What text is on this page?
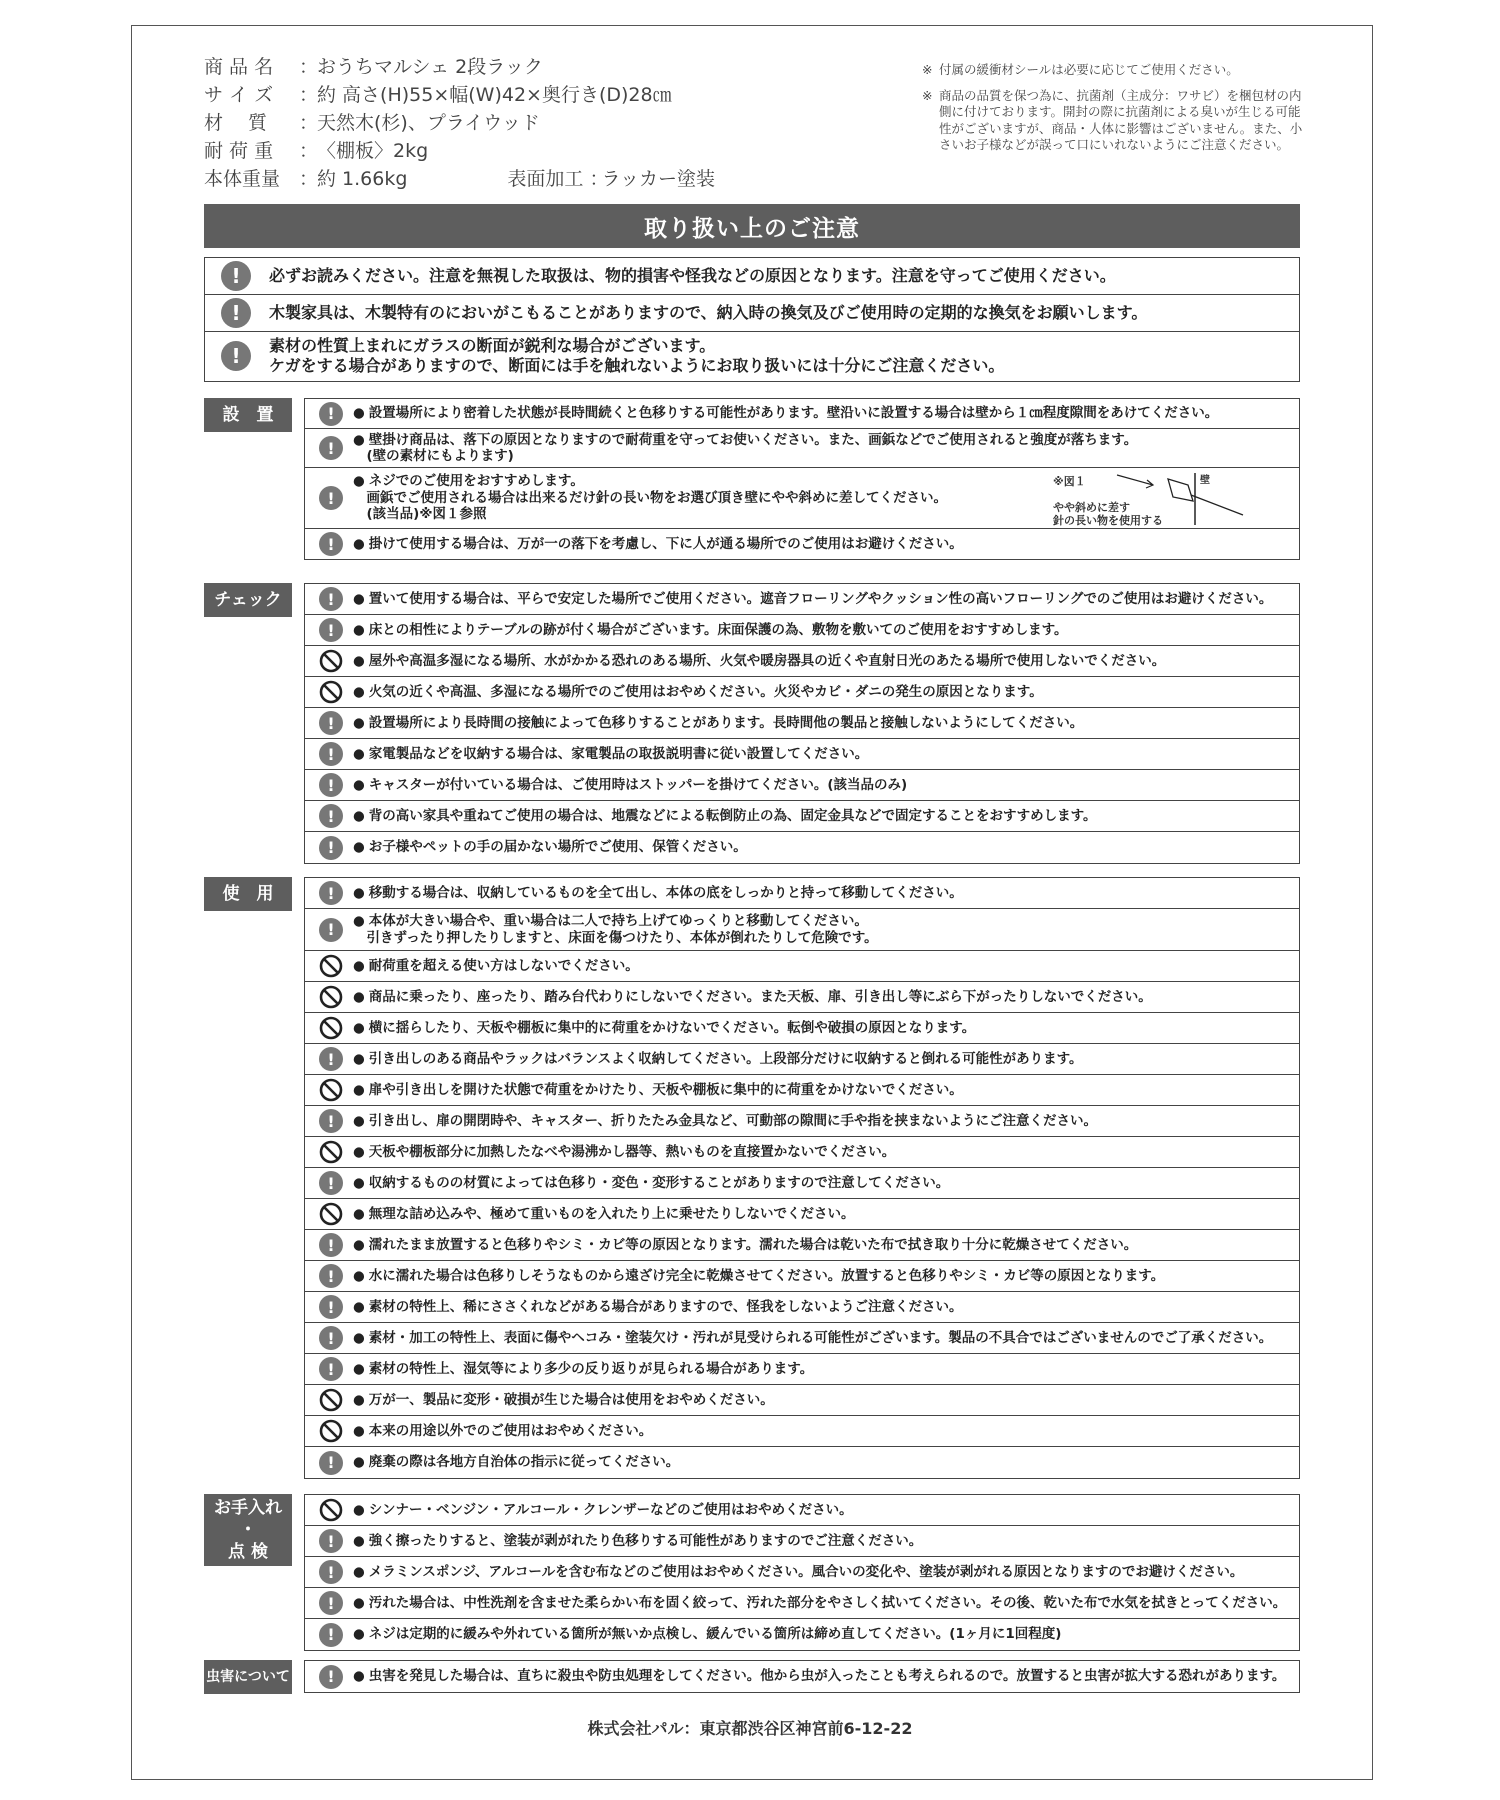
商 品 名	：
おうちマルシェ 2段ラック
サ イ ズ	：
約 高さ(H)55×幅(W)42×奥行き(D)28㎝
材　 質	：
天然木(杉)、プライウッド
耐 荷 重	：
〈棚板〉2kg
本体重量 ：
約 1.66kg	表面加工 ：
ラッカー塗装
※ 付属の緩衝材シールは必要に応じてご使用ください。
※ 商品の品質を保つ為に、抗菌剤（主成分：ワサビ）を梱包材の内側に付けております。開封の際に抗菌剤による臭いが生じる可能性がございますが、商品・人体に影響はございません。また、小さいお子様などが誤って口にいれないようにご注意ください。
取り扱い上のご注意
!	必ずお読みください。注意を無視した取扱は、物的損害や怪我などの原因となります。注意を守ってご使用ください。
!	木製家具は、木製特有のにおいがこもることがありますので、納入時の換気及びご使用時の定期的な換気をお願いします。
!	素材の性質上まれにガラスの断面が鋭利な場合がございます。
ケガをする場合がありますので、断面には手を触れないようにお取り扱いには十分にご注意ください。
設　置	!	● 設置場所により密着した状態が長時間続くと色移りする可能性があります。壁沿いに設置する場合は壁から１㎝程度隙間をあけてください。
!	● 壁掛け商品は、落下の原因となりますので耐荷重を守ってお使いください。また、画鋲などでご使用されると強度が落ちます。
　(壁の素材にもよります)
!
● ネジでのご使用をおすすめします。
　画鋲でご使用される場合は出来るだけ針の長い物をお選び頂き壁にやや斜めに差してください。
　(該当品)※図１参照
※図１	壁
やや斜めに差す
針の長い物を使用する
!	● 掛けて使用する場合は、万が一の落下を考慮し、下に人が通る場所でのご使用はお避けください。
チェック	!	● 置いて使用する場合は、平らで安定した場所でご使用ください。遮音フローリングやクッション性の高いフローリングでのご使用はお避けください。
!	● 床との相性によりテーブルの跡が付く場合がございます。床面保護の為、敷物を敷いてのご使用をおすすめします。
● 屋外や高温多湿になる場所、水がかかる恐れのある場所、火気や暖房器具の近くや直射日光のあたる場所で使用しないでください。
● 火気の近くや高温、多湿になる場所でのご使用はおやめください。火災やカビ・ダニの発生の原因となります。
!	● 設置場所により長時間の接触によって色移りすることがあります。長時間他の製品と接触しないようにしてください。
!	● 家電製品などを収納する場合は、家電製品の取扱説明書に従い設置してください。
!	● キャスターが付いている場合は、ご使用時はストッパーを掛けてください。(該当品のみ)
!	● 背の高い家具や重ねてご使用の場合は、地震などによる転倒防止の為、固定金具などで固定することをおすすめします。
!	● お子様やペットの手の届かない場所でご使用、保管ください。
使　用	!	● 移動する場合は、収納しているものを全て出し、本体の底をしっかりと持って移動してください。
!	● 本体が大きい場合や、重い場合は二人で持ち上げてゆっくりと移動してください。
　引きずったり押したりしますと、床面を傷つけたり、本体が倒れたりして危険です。
● 耐荷重を超える使い方はしないでください。
● 商品に乗ったり、座ったり、踏み台代わりにしないでください。また天板、扉、引き出し等にぶら下がったりしないでください。
● 横に揺らしたり、天板や棚板に集中的に荷重をかけないでください。転倒や破損の原因となります。
!	● 引き出しのある商品やラックはバランスよく収納してください。上段部分だけに収納すると倒れる可能性があります。
● 扉や引き出しを開けた状態で荷重をかけたり、天板や棚板に集中的に荷重をかけないでください。
!	● 引き出し、扉の開閉時や、キャスター、折りたたみ金具など、可動部の隙間に手や指を挟まないようにご注意ください。
● 天板や棚板部分に加熱したなべや湯沸かし器等、熱いものを直接置かないでください。
!	● 収納するものの材質によっては色移り・変色・変形することがありますので注意してください。
● 無理な詰め込みや、極めて重いものを入れたり上に乗せたりしないでください。
!	● 濡れたまま放置すると色移りやシミ・カビ等の原因となります。濡れた場合は乾いた布で拭き取り十分に乾燥させてください。
!	● 水に濡れた場合は色移りしそうなものから遠ざけ完全に乾燥させてください。放置すると色移りやシミ・カビ等の原因となります。
!	● 素材の特性上、稀にささくれなどがある場合がありますので、怪我をしないようご注意ください。
!	● 素材・加工の特性上、表面に傷やヘコみ・塗装欠け・汚れが見受けられる可能性がございます。製品の不具合ではございませんのでご了承ください。
!	● 素材の特性上、湿気等により多少の反り返りが見られる場合があります。
● 万が一、製品に変形・破損が生じた場合は使用をおやめください。
● 本来の用途以外でのご使用はおやめください。
!	● 廃棄の際は各地方自治体の指示に従ってください。
お手入れ
・
点 検
● シンナー・ベンジン・アルコール・クレンザーなどのご使用はおやめください。
!	● 強く擦ったりすると、塗装が剥がれたり色移りする可能性がありますのでご注意ください。
!	● メラミンスポンジ、アルコールを含む布などのご使用はおやめください。風合いの変化や、塗装が剥がれる原因となりますのでお避けください。
!	● 汚れた場合は、中性洗剤を含ませた柔らかい布を固く絞って、汚れた部分をやさしく拭いてください。その後、乾いた布で水気を拭きとってください。
!	● ネジは定期的に緩みや外れている箇所が無いか点検し、緩んでいる箇所は締め直してください。(1ヶ月に1回程度)
虫害について	!	● 虫害を発見した場合は、直ちに殺虫や防虫処理をしてください。他から虫が入ったことも考えられるので。放置すると虫害が拡大する恐れがあります。
株式会社パル：東京都渋谷区神宮前6-12-22
